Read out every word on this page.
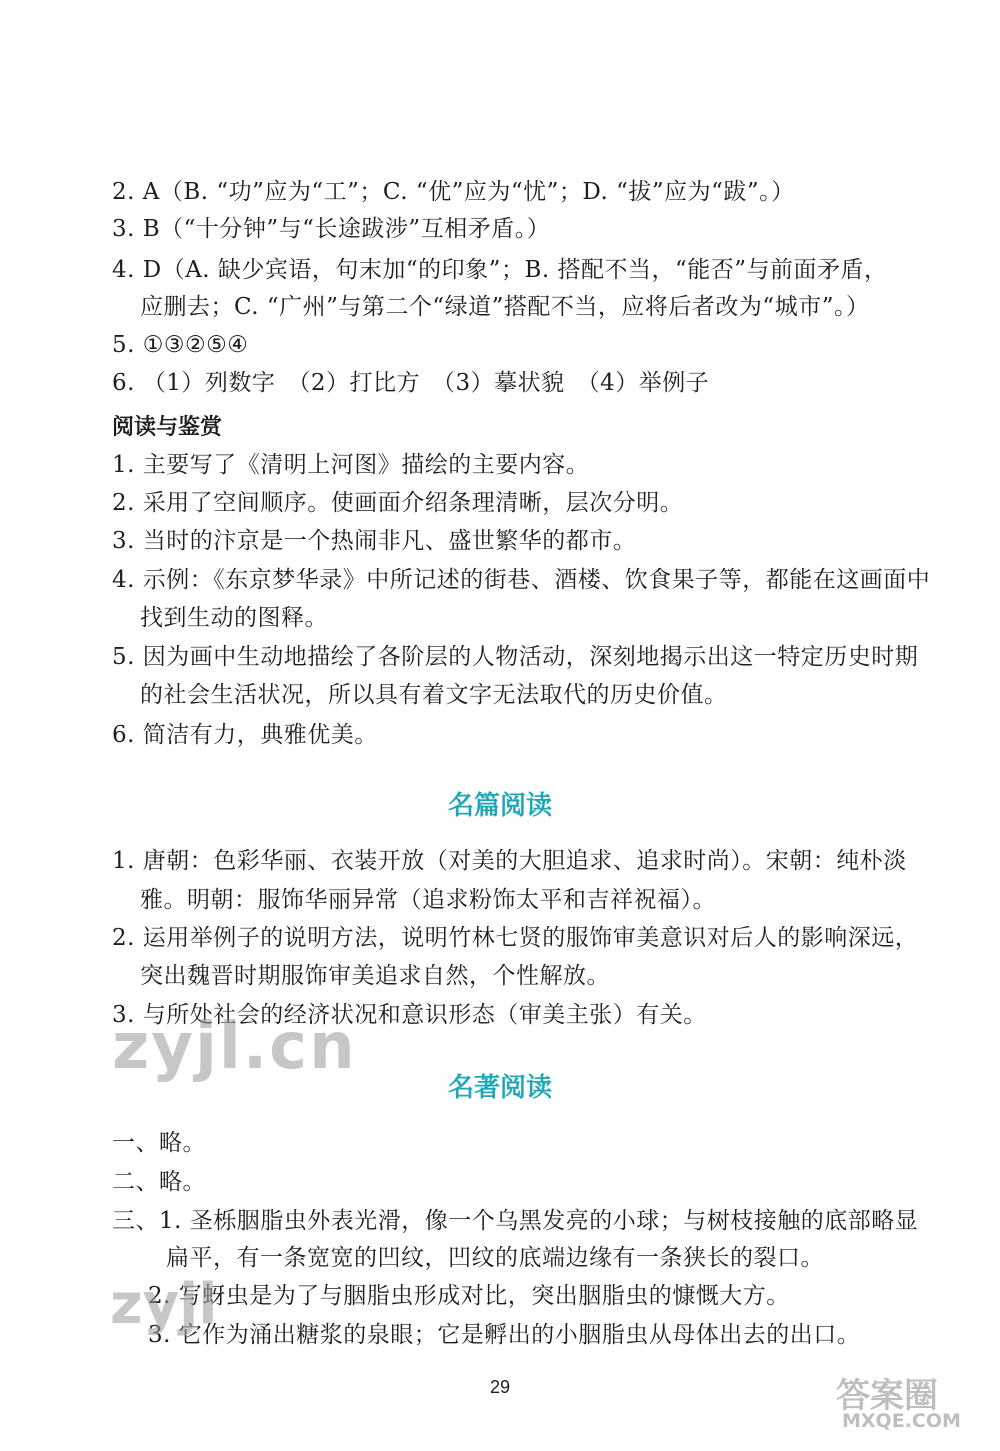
2. A（B. “功”应为“工”；C. “优”应为“忧”；D. “拔”应为“跋”。）
3. B（“十分钟”与“长途跋涉”互相矛盾。）
4. D（A. 缺少宾语，句末加“的印象”；B. 搭配不当，“能否”与前面矛盾，
应删去；C. “广州”与第二个“绿道”搭配不当，应将后者改为“城市”。）
5. ①③②⑤④
6. （1）列数字　（2）打比方　（3）摹状貌　（4）举例子
阅读与鉴赏
1. 主要写了《清明上河图》描绘的主要内容。
2. 采用了空间顺序。使画面介绍条理清晰，层次分明。
3. 当时的汴京是一个热闹非凡、盛世繁华的都市。
4. 示例：《东京梦华录》中所记述的街巷、酒楼、饮食果子等，都能在这画面中
找到生动的图释。
5. 因为画中生动地描绘了各阶层的人物活动，深刻地揭示出这一特定历史时期
的社会生活状况，所以具有着文字无法取代的历史价值。
6. 简洁有力，典雅优美。
名篇阅读
1. 唐朝：色彩华丽、衣装开放（对美的大胆追求、追求时尚）。宋朝：纯朴淡
雅。明朝：服饰华丽异常（追求粉饰太平和吉祥祝福）。
2. 运用举例子的说明方法，说明竹林七贤的服饰审美意识对后人的影响深远，
突出魏晋时期服饰审美追求自然，个性解放。
3. 与所处社会的经济状况和意识形态（审美主张）有关。
名著阅读
一、略。
二、略。
三、1. 圣栎胭脂虫外表光滑，像一个乌黑发亮的小球；与树枝接触的底部略显
扁平，有一条宽宽的凹纹，凹纹的底端边缘有一条狭长的裂口。
2. 写蚜虫是为了与胭脂虫形成对比，突出胭脂虫的慷慨大方。
3. 它作为涌出糖浆的泉眼；它是孵出的小胭脂虫从母体出去的出口。
29
zyjl.cn
zyjl
答案圈
MXQE.COM
